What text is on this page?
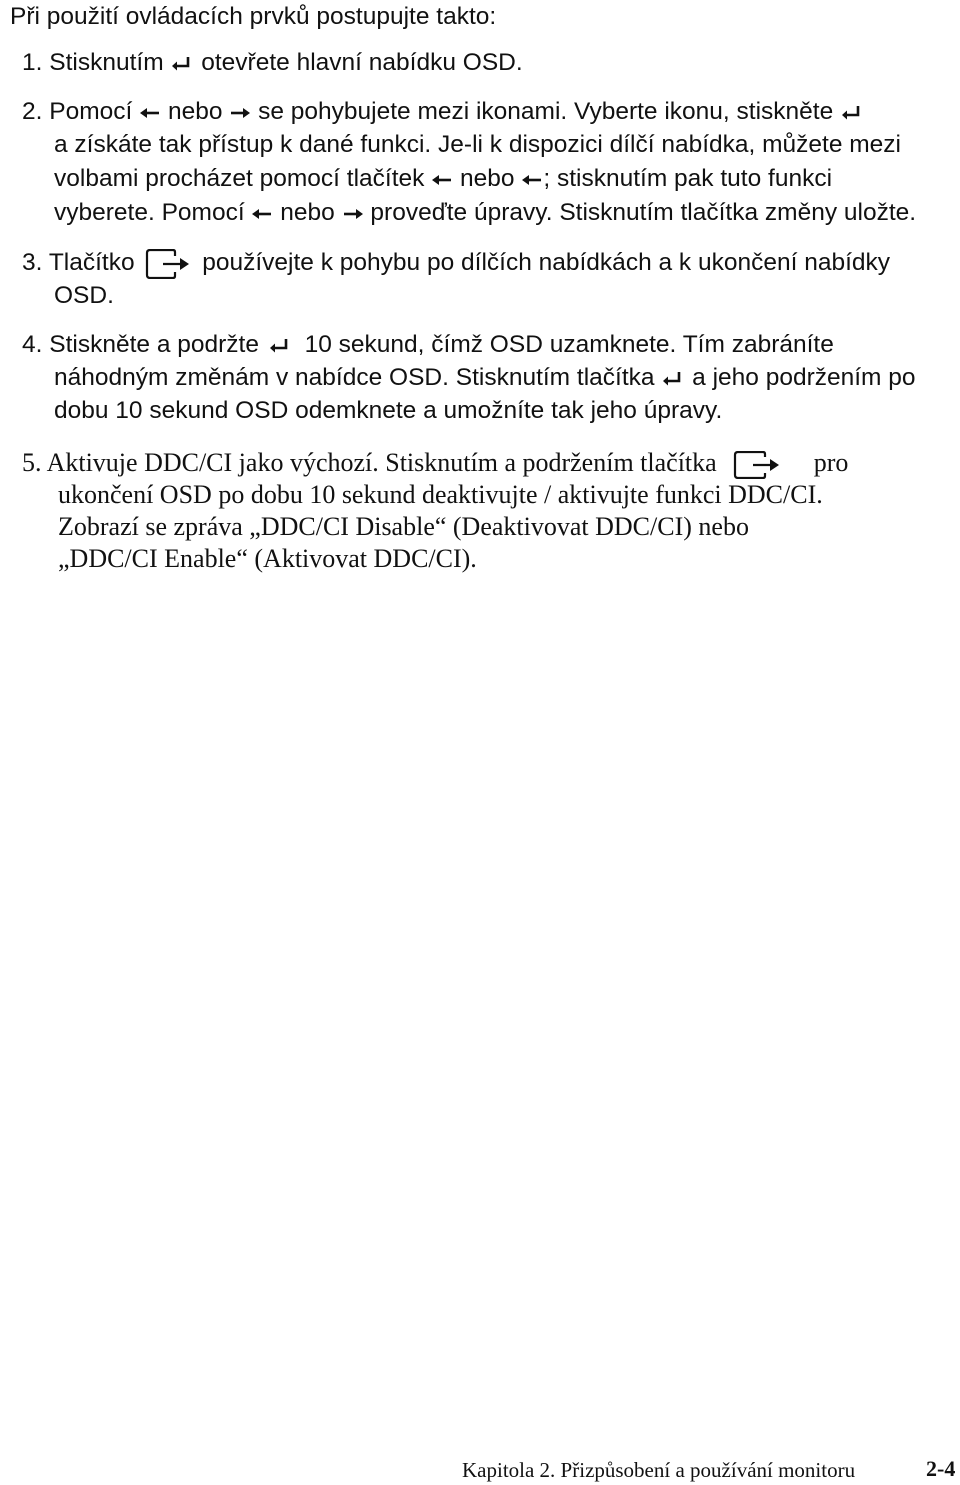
Při použití ovládacích prvků postupujte takto:
1. Stisknutím otevřete hlavní nabídku OSD.
2. Pomocí nebo se pohybujete mezi ikonami. Vyberte ikonu, stiskněte
a získáte tak přístup k dané funkci. Je-li k dispozici dílčí nabídka, můžete mezi
volbami procházet pomocí tlačítek nebo ; stisknutím pak tuto funkci
vyberete. Pomocí nebo proveďte úpravy. Stisknutím tlačítka změny uložte.
3. Tlačítko	používejte k pohybu po dílčích nabídkách a k ukončení nabídky
OSD.
4. Stiskněte a podržte 10 sekund, čímž OSD uzamknete. Tím zabráníte
náhodným změnám v nabídce OSD. Stisknutím tlačítka a jeho podržením po
dobu 10 sekund OSD odemknete a umožníte tak jeho úpravy.
5. Aktivuje DDC/CI jako výchozí. Stisknutím a podržením tlačítka	pro
ukončení OSD po dobu 10 sekund deaktivujte / aktivujte funkci DDC/CI.
Zobrazí se zpráva „DDC/CI Disable“ (Deaktivovat DDC/CI) nebo
„DDC/CI Enable“ (Aktivovat DDC/CI).
Kapitola 2. Přizpůsobení a používání monitoru	2-4
